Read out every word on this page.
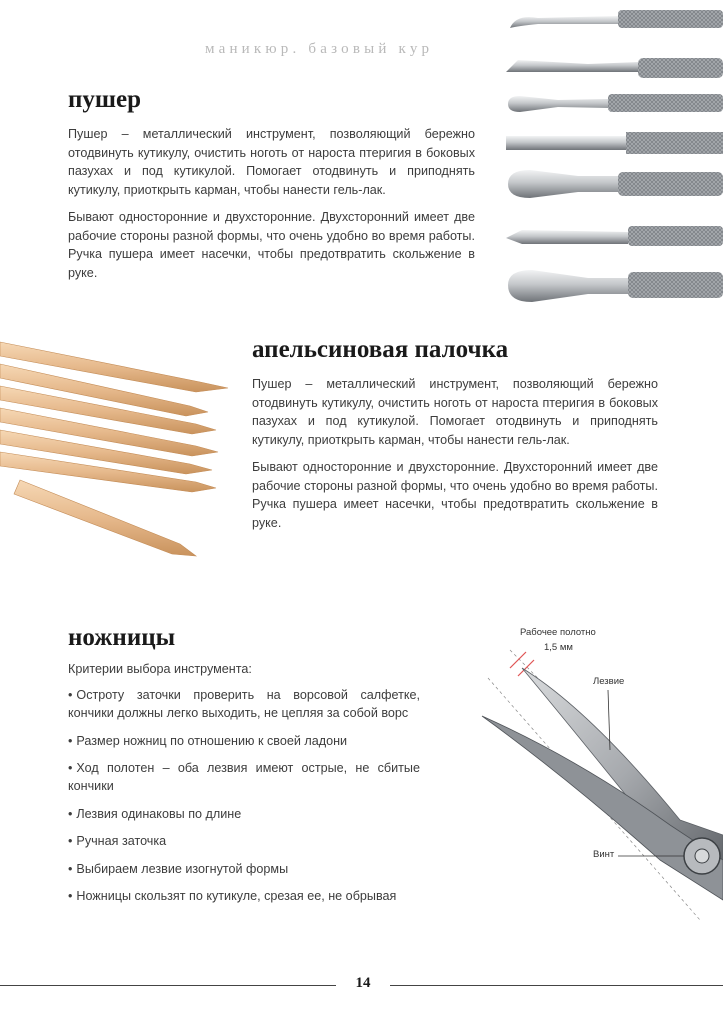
маникюр. базовый кур
пушер

Пушер – металлический инструмент, позволяющий бережно отодвинуть кутикулу, очистить ноготь от нароста птеригия в боковых пазухах и под кутикулой. Помогает отодвинуть и приподнять кутикулу, приоткрыть карман, чтобы нанести гель-лак.

Бывают односторонние и двухсторонние. Двухсторонний имеет две рабочие стороны разной формы, что очень удобно во время работы. Ручка пушера имеет насечки, чтобы предотвратить скольжение в руке.

апельсиновая палочка

Пушер – металлический инструмент, позволяющий бережно отодвинуть кутикулу, очистить ноготь от нароста птеригия в боковых пазухах и под кутикулой. Помогает отодвинуть и приподнять кутикулу, приоткрыть карман, чтобы нанести гель-лак.

Бывают односторонние и двухсторонние. Двухсторонний имеет две рабочие стороны разной формы, что очень удобно во время работы. Ручка пушера имеет насечки, чтобы предотвратить скольжение в руке.

ножницы

Критерии выбора инструмента:

• Остроту заточки проверить на ворсовой салфетке, кончики должны легко выходить, не цепляя за собой ворс
• Размер ножниц по отношению к своей ладони
• Ход полотен – оба лезвия имеют острые, не сбитые кончики
• Лезвия одинаковы по длине
• Ручная заточка
• Выбираем лезвие изогнутой формы
• Ножницы скользят по кутикуле, срезая ее, не обрывая
Рабочее полотно
1,5 мм
Лезвие
Винт
14
